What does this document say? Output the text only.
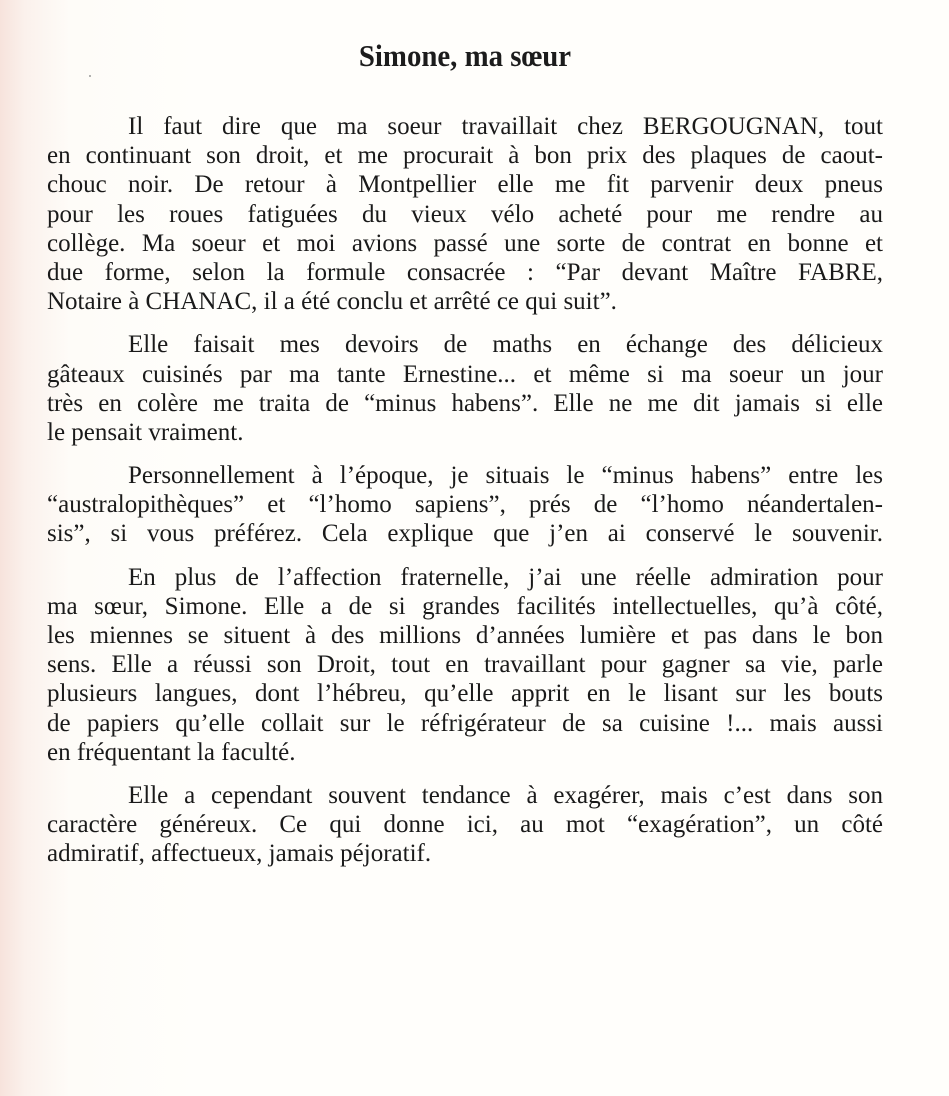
Simone, ma sœur

Il faut dire que ma soeur travaillait chez BERGOUGNAN, tout
en continuant son droit, et me procurait à bon prix des plaques de caout-
chouc noir. De retour à Montpellier elle me fit parvenir deux pneus
pour les roues fatiguées du vieux vélo acheté pour me rendre au
collège. Ma soeur et moi avions passé une sorte de contrat en bonne et
due forme, selon la formule consacrée : “Par devant Maître FABRE,
Notaire à CHANAC, il a été conclu et arrêté ce qui suit”.

Elle faisait mes devoirs de maths en échange des délicieux
gâteaux cuisinés par ma tante Ernestine... et même si ma soeur un jour
très en colère me traita de “minus habens”. Elle ne me dit jamais si elle
le pensait vraiment.

Personnellement à l’époque, je situais le “minus habens” entre les
“australopithèques” et “l’homo sapiens”, prés de “l’homo néandertalen-
sis”, si vous préférez. Cela explique que j’en ai conservé le souvenir.

En plus de l’affection fraternelle, j’ai une réelle admiration pour
ma sœur, Simone. Elle a de si grandes facilités intellectuelles, qu’à côté,
les miennes se situent à des millions d’années lumière et pas dans le bon
sens. Elle a réussi son Droit, tout en travaillant pour gagner sa vie, parle
plusieurs langues, dont l’hébreu, qu’elle apprit en le lisant sur les bouts
de papiers qu’elle collait sur le réfrigérateur de sa cuisine !... mais aussi
en fréquentant la faculté.

Elle a cependant souvent tendance à exagérer, mais c’est dans son
caractère généreux. Ce qui donne ici, au mot “exagération”, un côté
admiratif, affectueux, jamais péjoratif.
